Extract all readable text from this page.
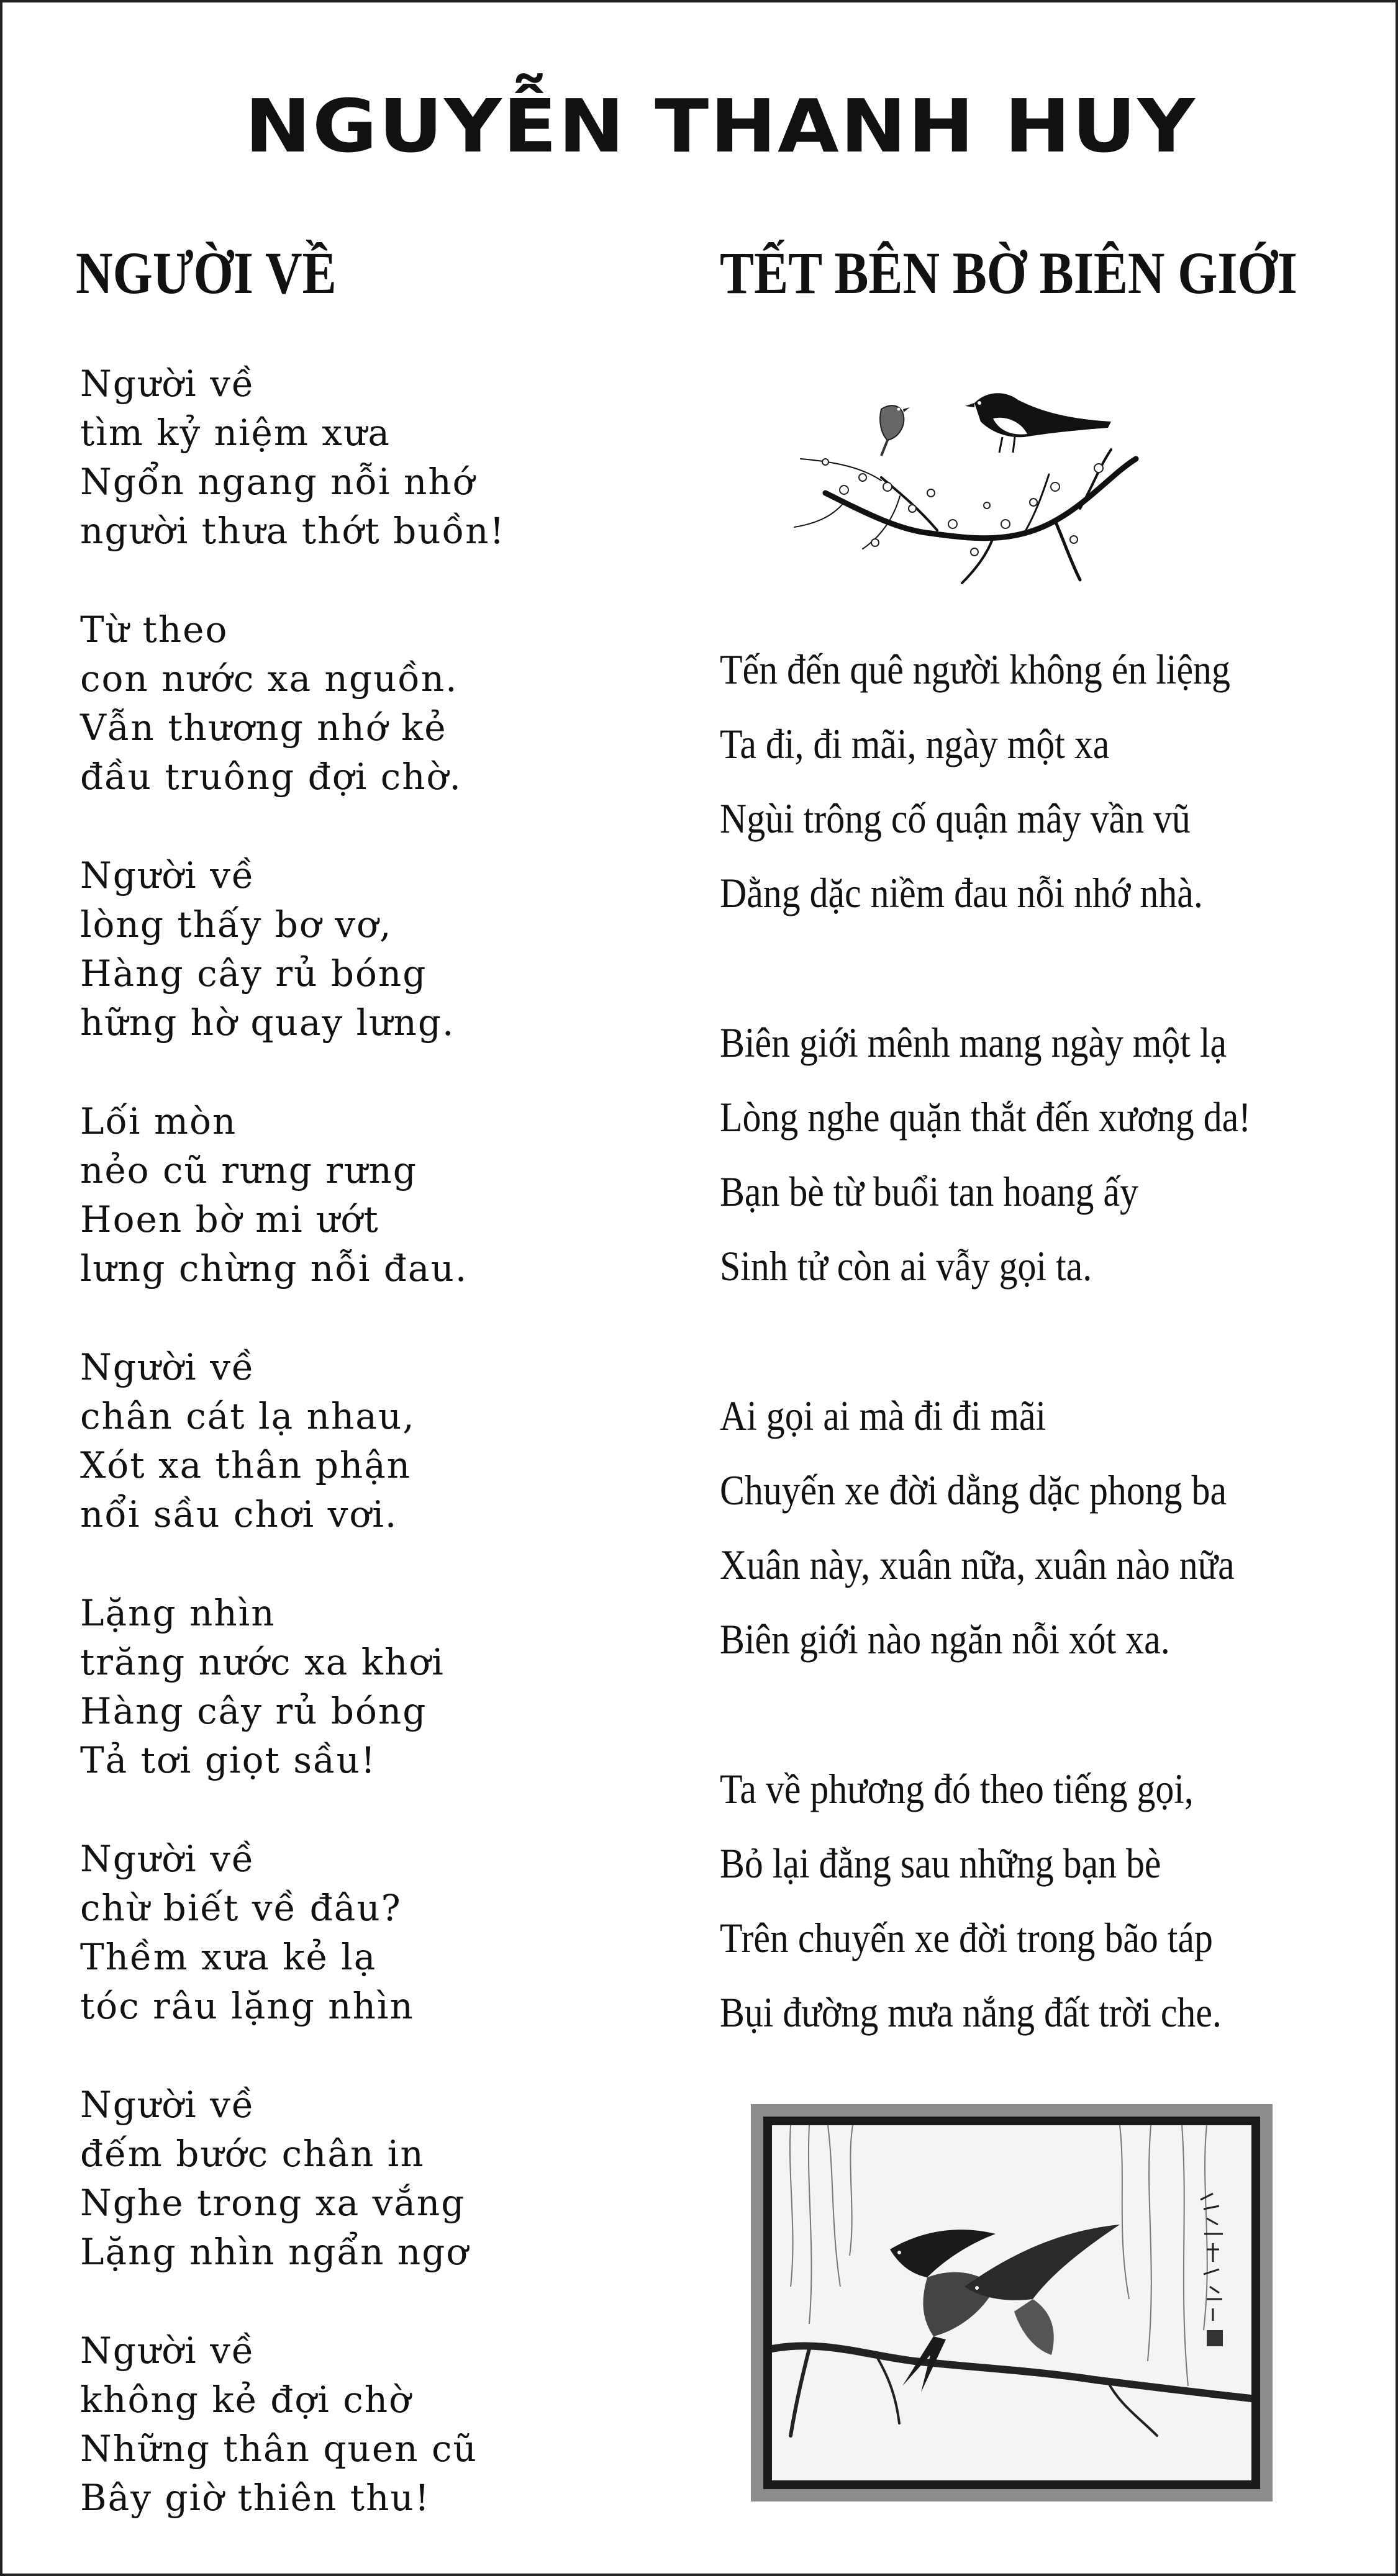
NGUYỄN THANH HUY
NGƯỜI VỀ	TẾT BÊN BỜ BIÊN GIỚI
Người về
tìm kỷ niệm xưa
Ngổn ngang nỗi nhớ
người thưa thớt buồn!
Từ theo
con nước xa nguồn.
Vẫn thương nhớ kẻ
đầu truông đợi chờ.
Người về
lòng thấy bơ vơ,
Hàng cây rủ bóng
hững hờ quay lưng.
Lối mòn
nẻo cũ rưng rưng
Hoen bờ mi ướt
lưng chừng nỗi đau.
Người về
chân cát lạ nhau,
Xót xa thân phận
nổi sầu chơi vơi.
Lặng nhìn
trăng nước xa khơi
Hàng cây rủ bóng
Tả tơi giọt sầu!
Người về
chừ biết về đâu?
Thềm xưa kẻ lạ
tóc râu lặng nhìn
Người về
đếm bước chân in
Nghe trong xa vắng
Lặng nhìn ngẩn ngơ
Người về
không kẻ đợi chờ
Những thân quen cũ
Bây giờ thiên thu!
Tến đến quê người không én liệng
Ta đi, đi mãi, ngày một xa
Ngùi trông cố quận mây vần vũ
Dằng dặc niềm đau nỗi nhớ nhà.
Biên giới mênh mang ngày một lạ
Lòng nghe quặn thắt đến xương da!
Bạn bè từ buổi tan hoang ấy
Sinh tử còn ai vẫy gọi ta.
Ai gọi ai mà đi đi mãi
Chuyến xe đời dằng dặc phong ba
Xuân này, xuân nữa, xuân nào nữa
Biên giới nào ngăn nỗi xót xa.
Ta về phương đó theo tiếng gọi,
Bỏ lại đằng sau những bạn bè
Trên chuyến xe đời trong bão táp
Bụi đường mưa nắng đất trời che.
